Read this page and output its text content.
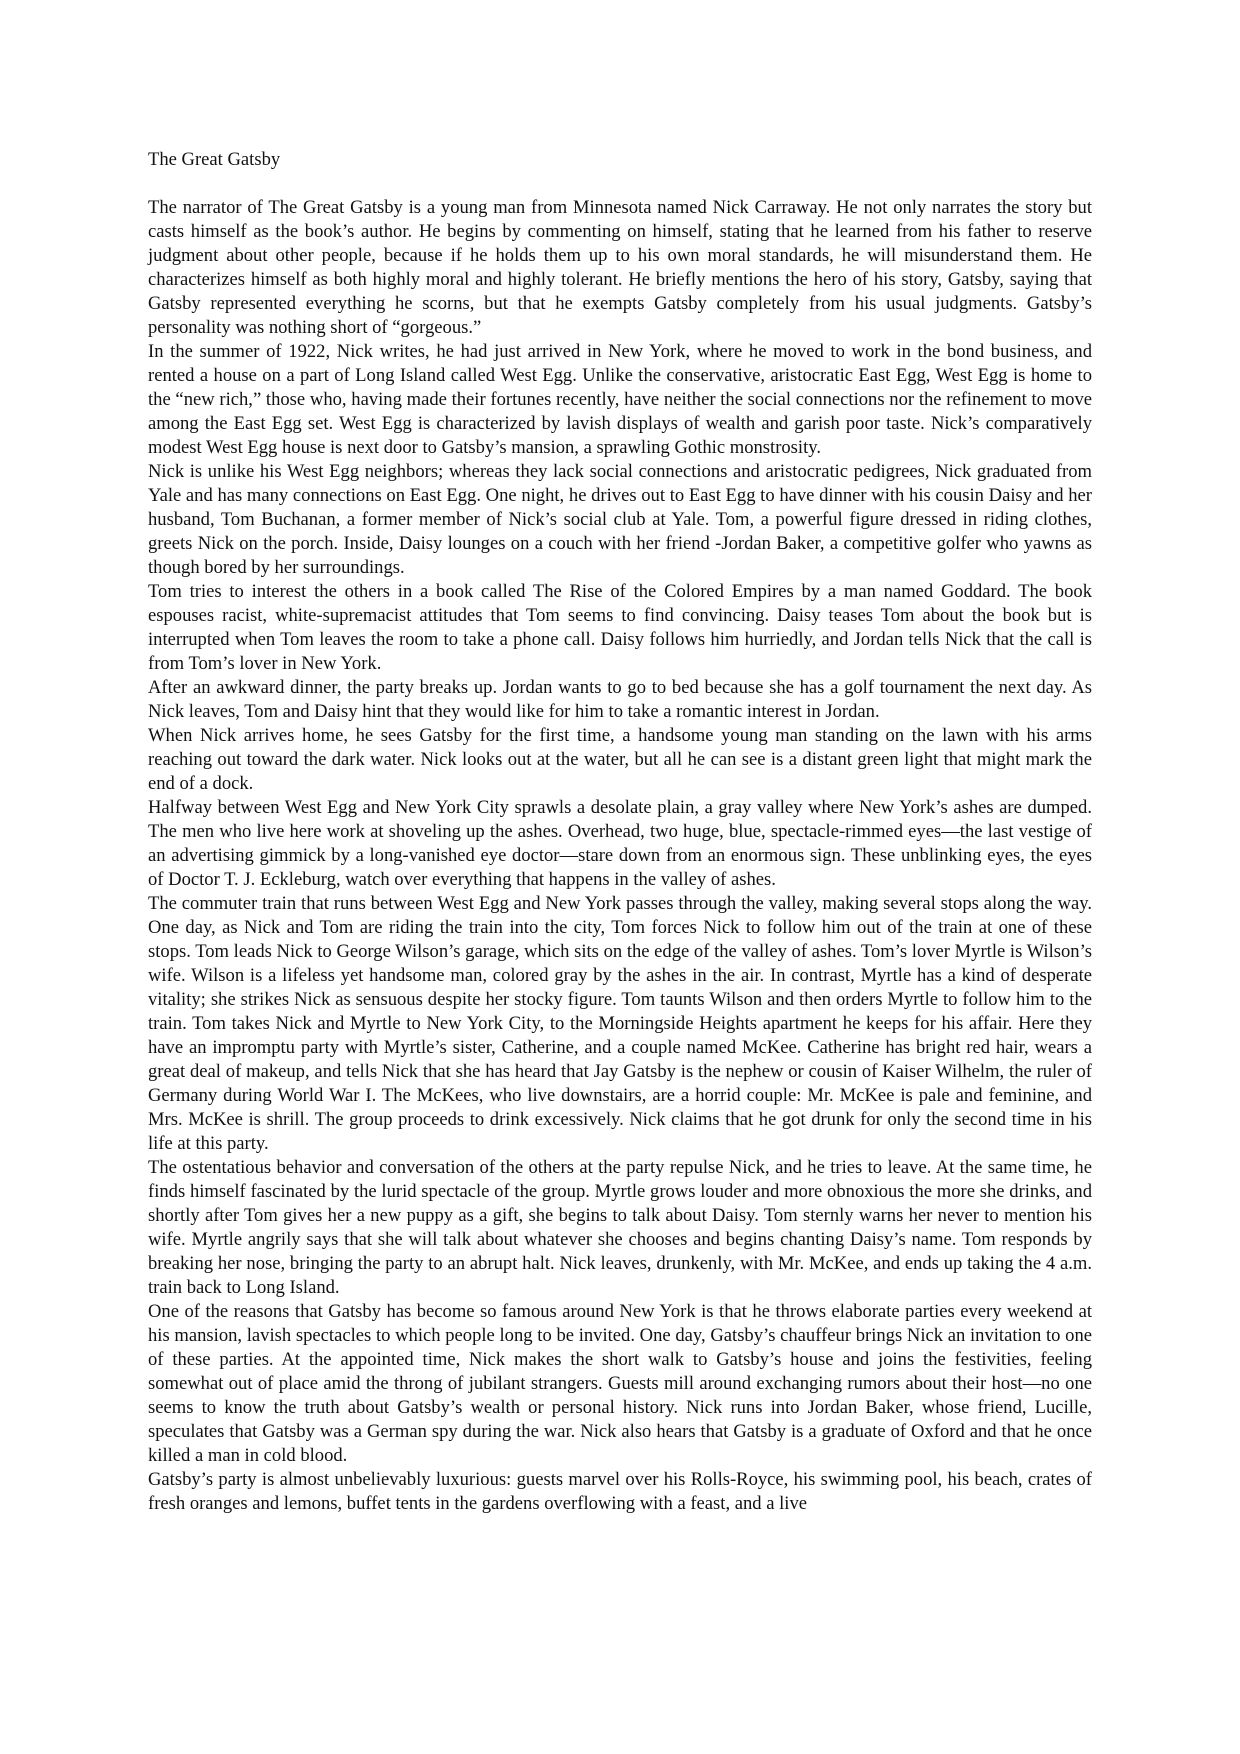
The Great Gatsby

The narrator of The Great Gatsby is a young man from Minnesota named Nick Carraway. He not only narrates the story but casts himself as the book’s author. He begins by commenting on himself, stating that he learned from his father to reserve judgment about other people, because if he holds them up to his own moral standards, he will misunderstand them. He characterizes himself as both highly moral and highly tolerant. He briefly mentions the hero of his story, Gatsby, saying that Gatsby represented everything he scorns, but that he exempts Gatsby completely from his usual judgments. Gatsby’s personality was nothing short of “gorgeous.”

In the summer of 1922, Nick writes, he had just arrived in New York, where he moved to work in the bond business, and rented a house on a part of Long Island called West Egg. Unlike the conservative, aristocratic East Egg, West Egg is home to the “new rich,” those who, having made their fortunes recently, have neither the social connections nor the refinement to move among the East Egg set. West Egg is characterized by lavish displays of wealth and garish poor taste. Nick’s comparatively modest West Egg house is next door to Gatsby’s mansion, a sprawling Gothic monstrosity.

Nick is unlike his West Egg neighbors; whereas they lack social connections and aristocratic pedigrees, Nick graduated from Yale and has many connections on East Egg. One night, he drives out to East Egg to have dinner with his cousin Daisy and her husband, Tom Buchanan, a former member of Nick’s social club at Yale. Tom, a powerful figure dressed in riding clothes, greets Nick on the porch. Inside, Daisy lounges on a couch with her friend -Jordan Baker, a competitive golfer who yawns as though bored by her surroundings.

Tom tries to interest the others in a book called The Rise of the Colored Empires by a man named Goddard. The book espouses racist, white-supremacist attitudes that Tom seems to find convincing. Daisy teases Tom about the book but is interrupted when Tom leaves the room to take a phone call. Daisy follows him hurriedly, and Jordan tells Nick that the call is from Tom’s lover in New York.

After an awkward dinner, the party breaks up. Jordan wants to go to bed because she has a golf tournament the next day. As Nick leaves, Tom and Daisy hint that they would like for him to take a romantic interest in Jordan.

When Nick arrives home, he sees Gatsby for the first time, a handsome young man standing on the lawn with his arms reaching out toward the dark water. Nick looks out at the water, but all he can see is a distant green light that might mark the end of a dock.

Halfway between West Egg and New York City sprawls a desolate plain, a gray valley where New York’s ashes are dumped. The men who live here work at shoveling up the ashes. Overhead, two huge, blue, spectacle-rimmed eyes—the last vestige of an advertising gimmick by a long-vanished eye doctor—stare down from an enormous sign. These unblinking eyes, the eyes of Doctor T. J. Eckleburg, watch over everything that happens in the valley of ashes.

The commuter train that runs between West Egg and New York passes through the valley, making several stops along the way. One day, as Nick and Tom are riding the train into the city, Tom forces Nick to follow him out of the train at one of these stops. Tom leads Nick to George Wilson’s garage, which sits on the edge of the valley of ashes. Tom’s lover Myrtle is Wilson’s wife. Wilson is a lifeless yet handsome man, colored gray by the ashes in the air. In contrast, Myrtle has a kind of desperate vitality; she strikes Nick as sensuous despite her stocky figure. Tom taunts Wilson and then orders Myrtle to follow him to the train. Tom takes Nick and Myrtle to New York City, to the Morningside Heights apartment he keeps for his affair. Here they have an impromptu party with Myrtle’s sister, Catherine, and a couple named McKee. Catherine has bright red hair, wears a great deal of makeup, and tells Nick that she has heard that Jay Gatsby is the nephew or cousin of Kaiser Wilhelm, the ruler of Germany during World War I. The McKees, who live downstairs, are a horrid couple: Mr. McKee is pale and feminine, and Mrs. McKee is shrill. The group proceeds to drink excessively. Nick claims that he got drunk for only the second time in his life at this party.

The ostentatious behavior and conversation of the others at the party repulse Nick, and he tries to leave. At the same time, he finds himself fascinated by the lurid spectacle of the group. Myrtle grows louder and more obnoxious the more she drinks, and shortly after Tom gives her a new puppy as a gift, she begins to talk about Daisy. Tom sternly warns her never to mention his wife. Myrtle angrily says that she will talk about whatever she chooses and begins chanting Daisy’s name. Tom responds by breaking her nose, bringing the party to an abrupt halt. Nick leaves, drunkenly, with Mr. McKee, and ends up taking the 4 a.m. train back to Long Island.

One of the reasons that Gatsby has become so famous around New York is that he throws elaborate parties every weekend at his mansion, lavish spectacles to which people long to be invited. One day, Gatsby’s chauffeur brings Nick an invitation to one of these parties. At the appointed time, Nick makes the short walk to Gatsby’s house and joins the festivities, feeling somewhat out of place amid the throng of jubilant strangers. Guests mill around exchanging rumors about their host—no one seems to know the truth about Gatsby’s wealth or personal history. Nick runs into Jordan Baker, whose friend, Lucille, speculates that Gatsby was a German spy during the war. Nick also hears that Gatsby is a graduate of Oxford and that he once killed a man in cold blood.

Gatsby’s party is almost unbelievably luxurious: guests marvel over his Rolls-Royce, his swimming pool, his beach, crates of fresh oranges and lemons, buffet tents in the gardens overflowing with a feast, and a live
